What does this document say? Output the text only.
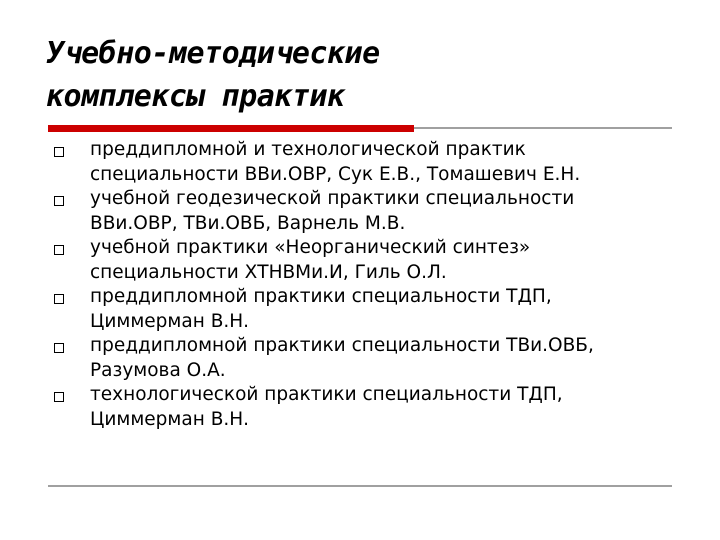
Учебно-методические
комплексы практик
преддипломной и технологической практик
специальности ВВи.ОВР, Сук Е.В., Томашевич Е.Н.
учебной геодезической практики специальности
ВВи.ОВР, ТВи.ОВБ, Варнель М.В.
учебной практики «Неорганический синтез»
специальности ХТНВМи.И, Гиль О.Л.
преддипломной практики специальности ТДП,
Циммерман В.Н.
преддипломной практики специальности ТВи.ОВБ,
Разумова О.А.
технологической практики специальности ТДП,
Циммерман В.Н.
